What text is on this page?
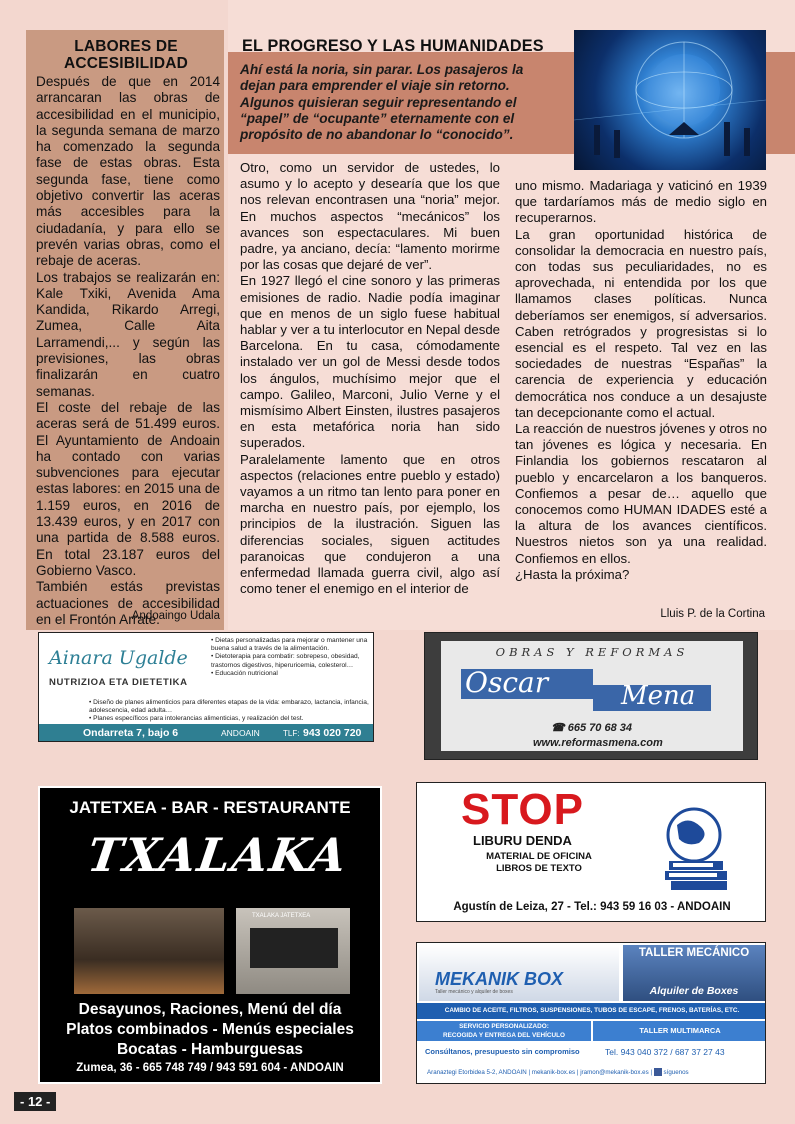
LABORES DE
ACCESIBILIDAD

Después de que en 2014 arrancaran las obras de accesibilidad en el municipio, la segunda semana de marzo ha comenzado la segunda fase de estas obras. Esta segunda fase, tiene como objetivo convertir las aceras más accesibles para la ciudadanía, y para ello se prevén varias obras, como el rebaje de aceras.

Los trabajos se realizarán en: Kale Txiki, Avenida Ama Kandida, Rikardo Arregi, Zumea, Calle Aita Larramendi,... y según las previsiones, las obras finalizarán en cuatro semanas.

El coste del rebaje de las aceras será de 51.499 euros. El Ayuntamiento de Andoain ha contado con varias subvenciones para ejecutar estas labores: en 2015 una de 1.159 euros, en 2016 de 13.439 euros, y en 2017 con una partida de 8.588 euros. En total 23.187 euros del Gobierno Vasco.

También estás previstas actuaciones de accesibilidad en el Frontón Arrate.

Andoaingo Udala
EL PROGRESO Y LAS HUMANIDADES
Ahí está la noria, sin parar. Los pasajeros la dejan para emprender el viaje sin retorno. Algunos quisieran seguir representando el “papel” de “ocupante” eternamente con el propósito de no abandonar lo “conocido”.

Otro, como un servidor de ustedes, lo asumo y lo acepto y desearía que los que nos relevan encontrasen una “noria” mejor. En muchos aspectos “mecánicos” los avances son espectaculares. Mi buen padre, ya anciano, decía: “lamento morirme por las cosas que dejaré de ver”.

En 1927 llegó el cine sonoro y las primeras emisiones de radio. Nadie podía imaginar que en menos de un siglo fuese habitual hablar y ver a tu interlocutor en Nepal desde Barcelona. En tu casa, cómodamente instalado ver un gol de Messi desde todos los ángulos, muchísimo mejor que el campo. Galileo, Marconi, Julio Verne y el mismísimo Albert Einsten, ilustres pasajeros en esta metafórica noria han sido superados.

Paralelamente lamento que en otros aspectos (relaciones entre pueblo y estado) vayamos a un ritmo tan lento para poner en marcha en nuestro país, por ejemplo, los principios de la ilustración. Siguen las diferencias sociales, siguen actitudes paranoicas que condujeron a una enfermedad llamada guerra civil, algo así como tener el enemigo en el interior de

uno mismo. Madariaga y vaticinó en 1939 que tardaríamos más de medio siglo en recuperarnos.

La gran oportunidad histórica de consolidar la democracia en nuestro país, con todas sus peculiaridades, no es aprovechada, ni entendida por los que llamamos clases políticas. Nunca deberíamos ser enemigos, sí adversarios. Caben retrógrados y progresistas si lo esencial es el respeto. Tal vez en las sociedades de nuestras “Españas” la carencia de experiencia y educación democrática nos conduce a un desajuste tan decepcionante como el actual.

La reacción de nuestros jóvenes y otros no tan jóvenes es lógica y necesaria. En Finlandia los gobiernos rescataron al pueblo y encarcelaron a los banqueros. Confiemos a pesar de… aquello que conocemos como HUMAN IDADES esté a la altura de los avances científicos. Nuestros nietos son ya una realidad. Confiemos en ellos.

¿Hasta la próxima?

Lluis P. de la Cortina
Ainara Ugalde
NUTRIZIOA ETA DIETETIKA
• Dietas personalizadas para mejorar o mantener una buena salud a través de la alimentación.
• Dietoterapia para combatir: sobrepeso, obesidad, trastornos digestivos, hiperuricemia, colesterol…
• Educación nutricional
• Diseño de planes alimenticios para diferentes etapas de la vida: embarazo, lactancia, infancia, adolescencia, edad adulta…
• Planes específicos para intolerancias alimenticias, y realización del test.
Ondarreta 7, bajo 6	ANDOAIN	TLF: 943 020 720
OBRAS Y REFORMAS
Oscar	Mena
☎ 665 70 68 34
www.reformasmena.com
JATETXEA - BAR - RESTAURANTE
TXALAKA
TXALAKA JATETXEA
Desayunos, Raciones, Menú del día
Platos combinados - Menús especiales
Bocatas - Hamburguesas
Zumea, 36 - 665 748 749 / 943 591 604 - ANDOAIN
STOP
LIBURU DENDA
MATERIAL DE OFICINA
LIBROS DE TEXTO
Agustín de Leiza, 27 - Tel.: 943 59 16 03 - ANDOAIN
MEKANIK BOX
Taller mecánico y alquiler de boxes
TALLER MECÁNICO
Alquiler de Boxes
CAMBIO DE ACEITE, FILTROS, SUSPENSIONES, TUBOS DE ESCAPE, FRENOS, BATERÍAS, ETC.
SERVICIO PERSONALIZADO:
RECOGIDA Y ENTREGA DEL VEHÍCULO
TALLER MULTIMARCA
Consúltanos, presupuesto sin compromiso	Tel. 943 040 372 / 687 37 27 43
Aranaztegi Etorbidea 5-2, ANDOAIN | mekanik-box.es | jramon@mekanik-box.es |  síguenos
- 12 -
